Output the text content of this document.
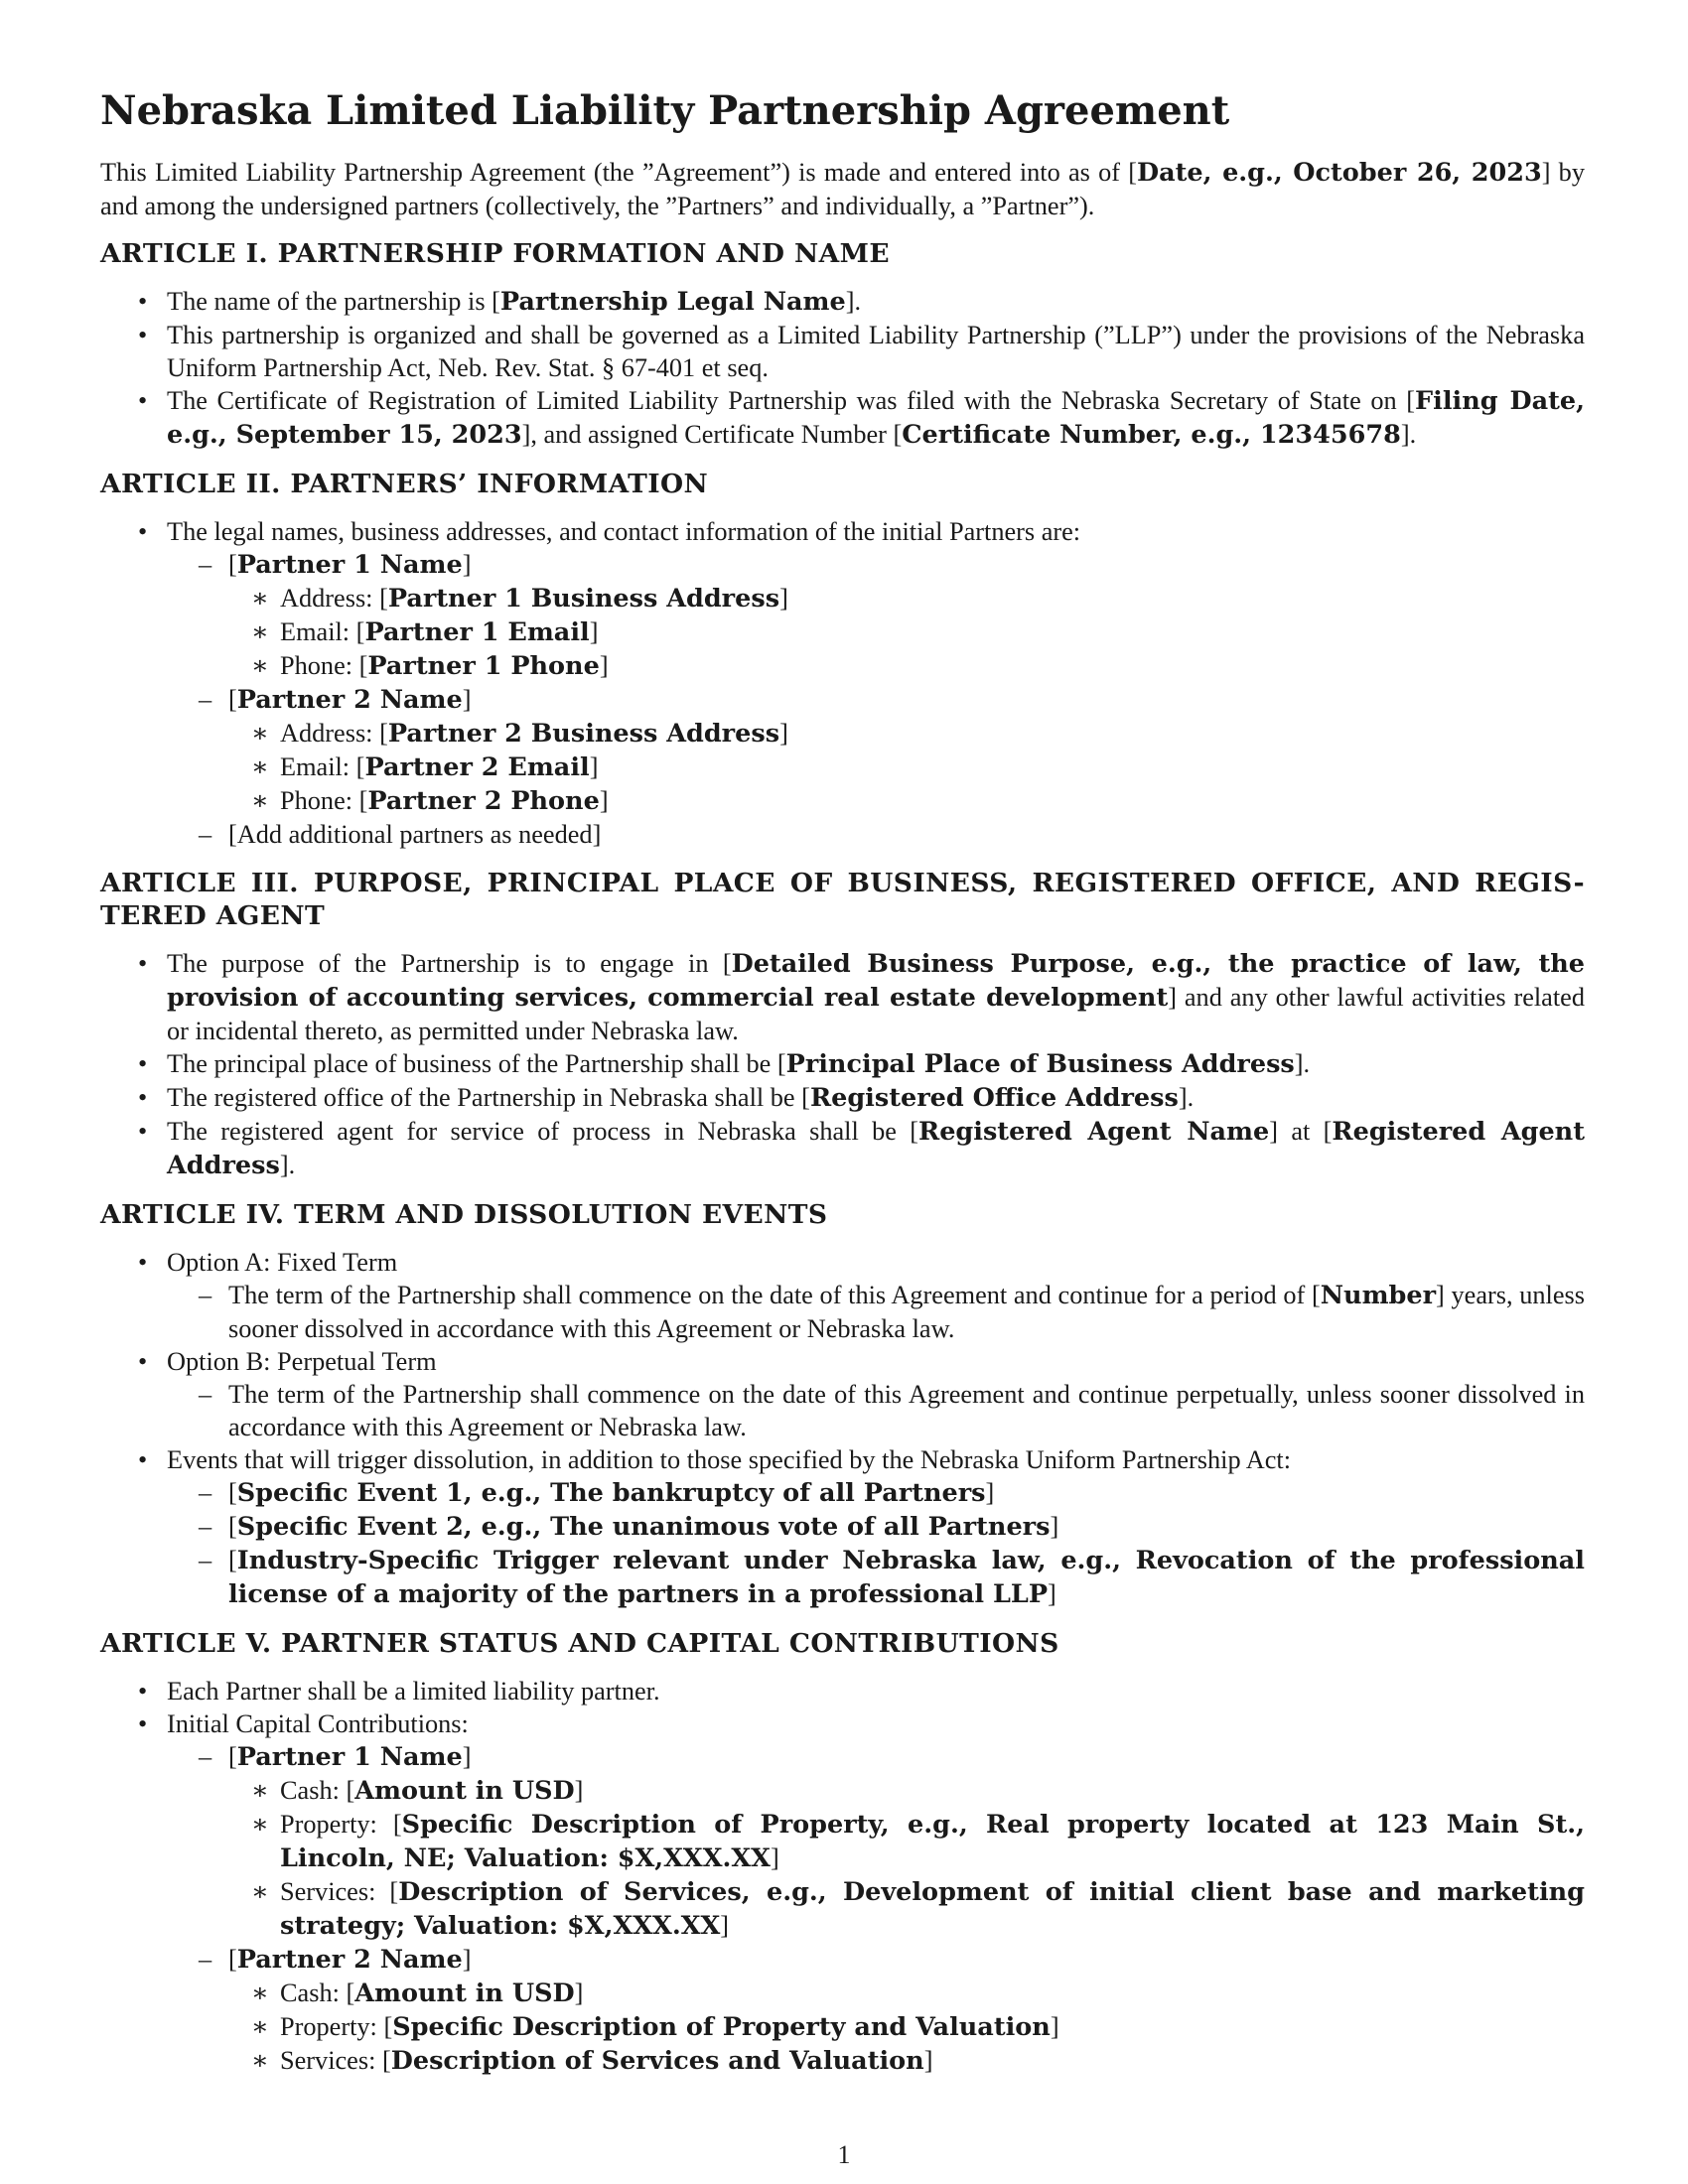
Nebraska Limited Liability Partnership Agreement

This Limited Liability Partnership Agreement (the ”Agreement”) is made and entered into as of [Date, e.g., October 26, 2023] by and among the undersigned partners (collectively, the ”Partners” and individually, a ”Partner”).

ARTICLE I. PARTNERSHIP FORMATION AND NAME
• The name of the partnership is [Partnership Legal Name].
• This partnership is organized and shall be governed as a Limited Liability Partnership (”LLP”) under the provisions of the Nebraska Uniform Partnership Act, Neb. Rev. Stat. § 67-401 et seq.
• The Certificate of Registration of Limited Liability Partnership was filed with the Nebraska Secretary of State on [Filing Date, e.g., September 15, 2023], and assigned Certificate Number [Certificate Number, e.g., 12345678].
ARTICLE II. PARTNERS’ INFORMATION
• The legal names, business addresses, and contact information of the initial Partners are:
– [Partner 1 Name]
∗ Address: [Partner 1 Business Address]
∗ Email: [Partner 1 Email]
∗ Phone: [Partner 1 Phone]
– [Partner 2 Name]
∗ Address: [Partner 2 Business Address]
∗ Email: [Partner 2 Email]
∗ Phone: [Partner 2 Phone]
– [Add additional partners as needed]
ARTICLE III. PURPOSE, PRINCIPAL PLACE OF BUSINESS, REGISTERED OFFICE, AND REGIS-TERED AGENT
• The purpose of the Partnership is to engage in [Detailed Business Purpose, e.g., the practice of law, the provision of accounting services, commercial real estate development] and any other lawful activities related or incidental thereto, as permitted under Nebraska law.
• The principal place of business of the Partnership shall be [Principal Place of Business Address].
• The registered office of the Partnership in Nebraska shall be [Registered Office Address].
• The registered agent for service of process in Nebraska shall be [Registered Agent Name] at [Registered Agent Address].
ARTICLE IV. TERM AND DISSOLUTION EVENTS
• Option A: Fixed Term
– The term of the Partnership shall commence on the date of this Agreement and continue for a period of [Number] years, unless sooner dissolved in accordance with this Agreement or Nebraska law.
• Option B: Perpetual Term
– The term of the Partnership shall commence on the date of this Agreement and continue perpetually, unless sooner dissolved in accordance with this Agreement or Nebraska law.
• Events that will trigger dissolution, in addition to those specified by the Nebraska Uniform Partnership Act:
– [Specific Event 1, e.g., The bankruptcy of all Partners]
– [Specific Event 2, e.g., The unanimous vote of all Partners]
– [Industry-Specific Trigger relevant under Nebraska law, e.g., Revocation of the professional license of a majority of the partners in a professional LLP]
ARTICLE V. PARTNER STATUS AND CAPITAL CONTRIBUTIONS
• Each Partner shall be a limited liability partner.
• Initial Capital Contributions:
– [Partner 1 Name]
∗ Cash: [Amount in USD]
∗ Property: [Specific Description of Property, e.g., Real property located at 123 Main St., Lincoln, NE; Valuation: $X,XXX.XX]
∗ Services: [Description of Services, e.g., Development of initial client base and marketing strategy; Valuation: $X,XXX.XX]
– [Partner 2 Name]
∗ Cash: [Amount in USD]
∗ Property: [Specific Description of Property and Valuation]
∗ Services: [Description of Services and Valuation]
1
